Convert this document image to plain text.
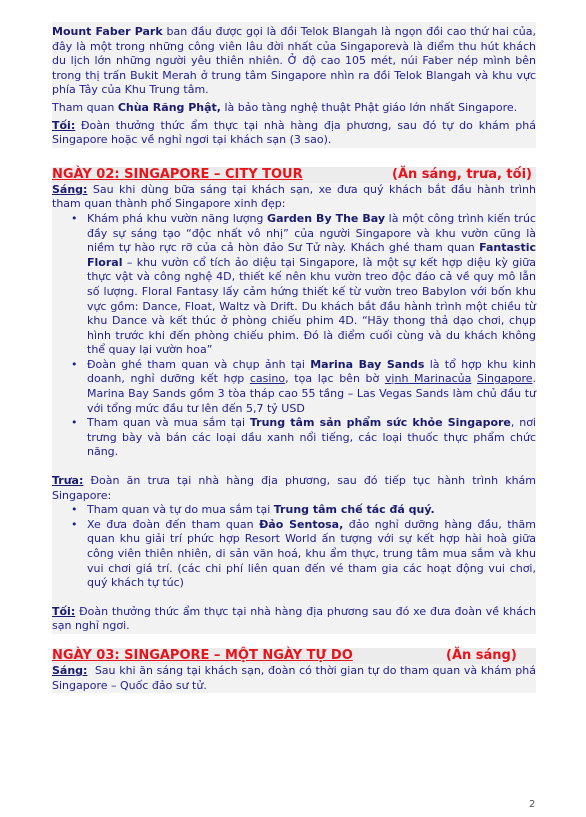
Mount Faber Park ban đầu được gọi là đồi Telok Blangah là ngọn đồi cao thứ hai của, đây là một trong những công viên lâu đời nhất của Singaporevà là điểm thu hút khách du lịch lớn những người yêu thiên nhiên. Ở độ cao 105 mét, núi Faber nép mình bên trong thị trấn Bukit Merah ở trung tâm Singapore nhìn ra đồi Telok Blangah và khu vực phía Tây của Khu Trung tâm.

Tham quan Chùa Răng Phật, là bảo tàng nghệ thuật Phật giáo lớn nhất Singapore.

Tối: Đoàn thưởng thức ẩm thực tại nhà hàng địa phương, sau đó tự do khám phá Singapore hoặc về nghỉ ngơi tại khách sạn (3 sao).

NGÀY 02: SINGAPORE – CITY TOUR	(Ăn sáng, trưa, tối)

Sáng: Sau khi dùng bữa sáng tại khách sạn, xe đưa quý khách bắt đầu hành trình tham quan thành phố Singapore xinh đẹp:

• Khám phá khu vườn năng lượng Garden By The Bay là một công trình kiến trúc đầy sự sáng tạo “độc nhất vô nhị” của người Singapore và khu vườn cũng là niềm tự hào rực rỡ của cả hòn đảo Sư Tử này. Khách ghé tham quan Fantastic Floral – khu vườn cổ tích ảo diệu tại Singapore, là một sự kết hợp diệu kỳ giữa thực vật và công nghệ 4D, thiết kế nên khu vườn treo độc đáo cả về quy mô lẫn số lượng. Floral Fantasy lấy cảm hứng thiết kế từ vườn treo Babylon với bốn khu vực gồm: Dance, Float, Waltz và Drift. Du khách bắt đầu hành trình một chiều từ khu Dance và kết thúc ở phòng chiếu phim 4D. “Hãy thong thả dạo chơi, chụp hình trước khi đến phòng chiếu phim. Đó là điểm cuối cùng và du khách không thể quay lại vườn hoa”
• Đoàn ghé tham quan và chụp ảnh tại Marina Bay Sands là tổ hợp khu kinh doanh, nghỉ dưỡng kết hợp casino, tọa lạc bên bờ vịnh Marinacủa Singapore. Marina Bay Sands gồm 3 tòa tháp cao 55 tầng – Las Vegas Sands làm chủ đầu tư với tổng mức đầu tư lên đến 5,7 tỷ USD
• Tham quan và mua sắm tại Trung tâm sản phẩm sức khỏe Singapore, nơi trưng bày và bán các loại dầu xanh nổi tiếng, các loại thuốc thực phẩm chức năng.

Trưa: Đoàn ăn trưa tại nhà hàng địa phương, sau đó tiếp tục hành trình khám Singapore:

• Tham quan và tự do mua sắm tại Trung tâm chế tác đá quý.
• Xe đưa đoàn đến tham quan Đảo Sentosa, đảo nghỉ dưỡng hàng đầu, thăm quan khu giải trí phức hợp Resort World ấn tượng với sự kết hợp hài hoà giữa công viên thiên nhiên, di sản văn hoá, khu ẩm thực, trung tâm mua sắm và khu vui chơi giá trí. (các chi phí liên quan đến vé tham gia các hoạt động vui chơi, quý khách tự túc)

Tối: Đoàn thưởng thức ẩm thực tại nhà hàng địa phương sau đó xe đưa đoàn về khách sạn nghỉ ngơi.

NGÀY 03: SINGAPORE – MỘT NGÀY TỰ DO	(Ăn sáng)

Sáng:  Sau khi ăn sáng tại khách sạn, đoàn có thời gian tự do tham quan và khám phá Singapore – Quốc đảo sư tử.

2
